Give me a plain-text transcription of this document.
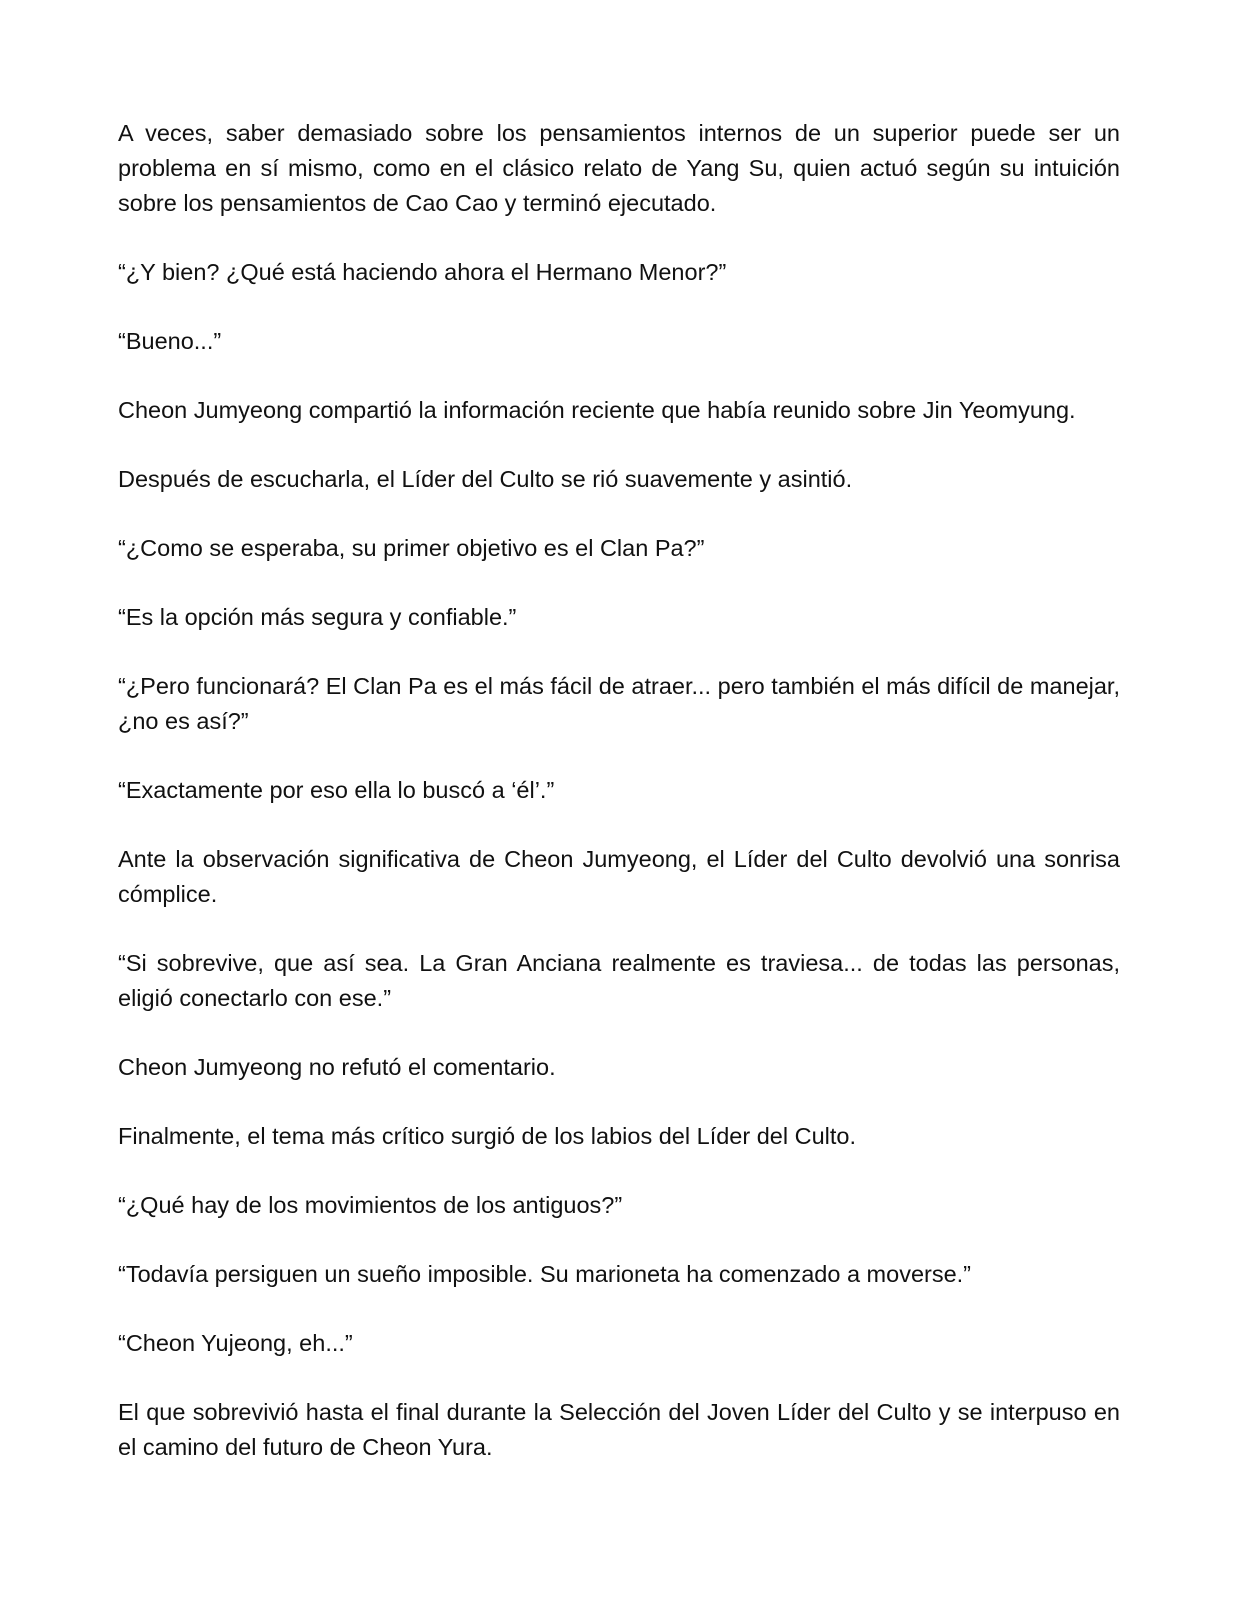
A veces, saber demasiado sobre los pensamientos internos de un superior puede ser un problema en sí mismo, como en el clásico relato de Yang Su, quien actuó según su intuición sobre los pensamientos de Cao Cao y terminó ejecutado.

“¿Y bien? ¿Qué está haciendo ahora el Hermano Menor?”

“Bueno...”

Cheon Jumyeong compartió la información reciente que había reunido sobre Jin Yeomyung.

Después de escucharla, el Líder del Culto se rió suavemente y asintió.

“¿Como se esperaba, su primer objetivo es el Clan Pa?”

“Es la opción más segura y confiable.”

“¿Pero funcionará? El Clan Pa es el más fácil de atraer... pero también el más difícil de manejar, ¿no es así?”

“Exactamente por eso ella lo buscó a ‘él’.”

Ante la observación significativa de Cheon Jumyeong, el Líder del Culto devolvió una sonrisa cómplice.

“Si sobrevive, que así sea. La Gran Anciana realmente es traviesa... de todas las personas, eligió conectarlo con ese.”

Cheon Jumyeong no refutó el comentario.

Finalmente, el tema más crítico surgió de los labios del Líder del Culto.

“¿Qué hay de los movimientos de los antiguos?”

“Todavía persiguen un sueño imposible. Su marioneta ha comenzado a moverse.”

“Cheon Yujeong, eh...”

El que sobrevivió hasta el final durante la Selección del Joven Líder del Culto y se interpuso en el camino del futuro de Cheon Yura.
